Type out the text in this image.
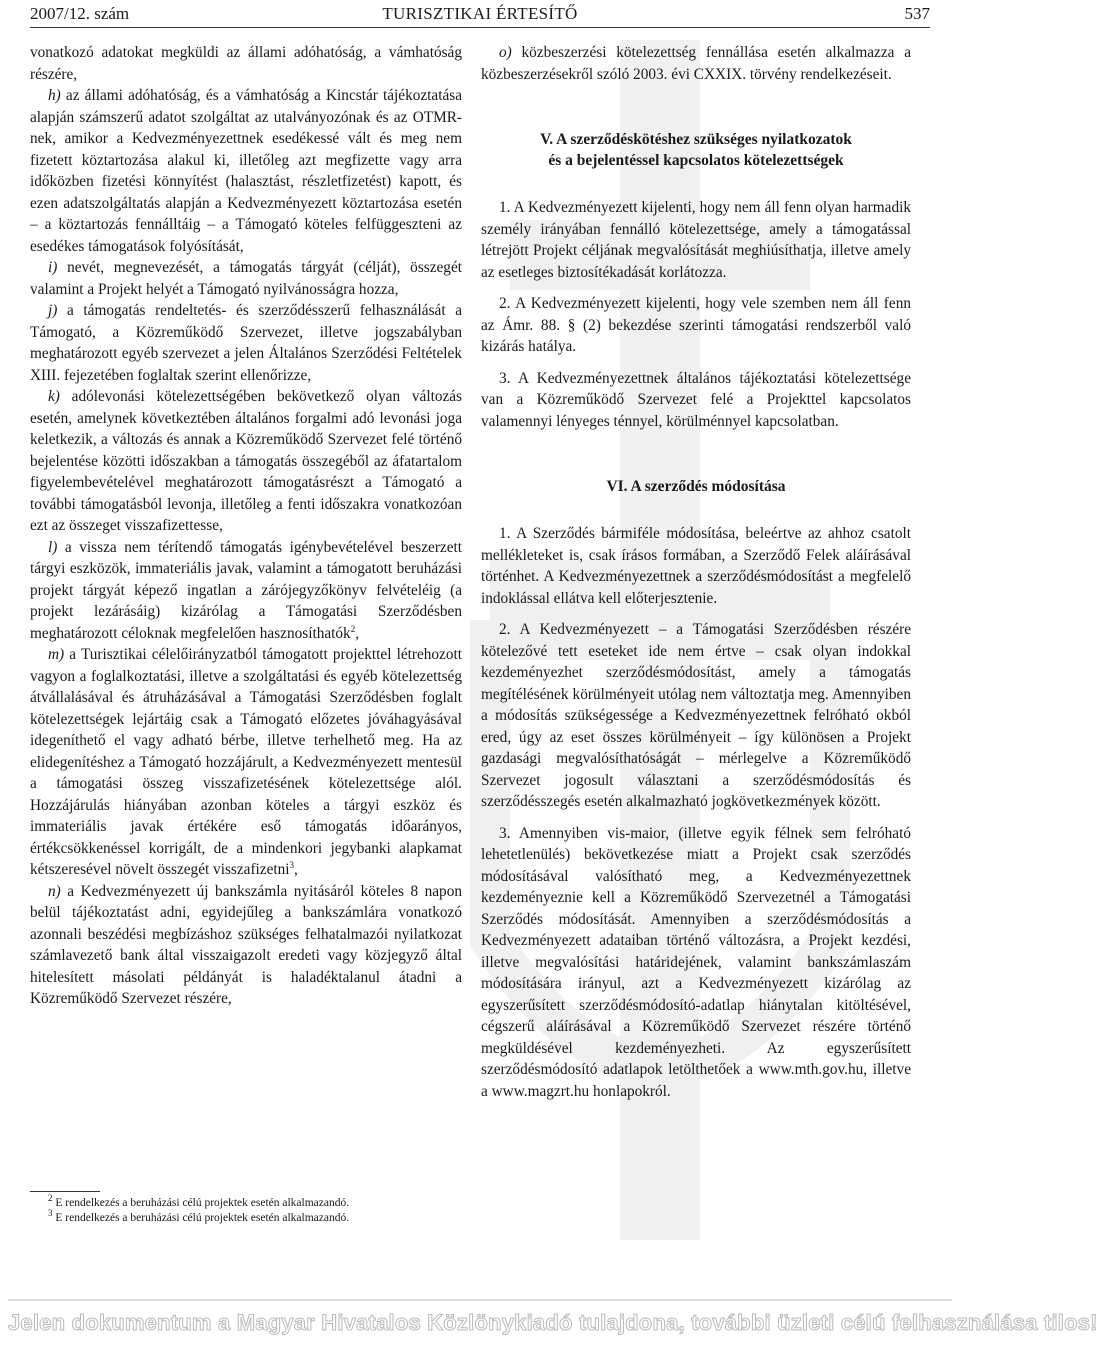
2007/12. szám	TURISZTIKAI ÉRTESÍTŐ	537

vonatkozó adatokat megküldi az állami adóhatóság, a vámhatóság részére,

h) az állami adóhatóság, és a vámhatóság a Kincstár tájékoztatása alapján számszerű adatot szolgáltat az utalványozónak és az OTMR-nek, amikor a Kedvezményezettnek esedékessé vált és meg nem fizetett köztartozása alakul ki, illetőleg azt megfizette vagy arra időközben fizetési könnyítést (halasztást, részletfizetést) kapott, és ezen adatszolgáltatás alapján a Kedvezményezett köztartozása esetén – a köztartozás fennálltáig – a Támogató köteles felfüggeszteni az esedékes támogatások folyósítását,

i) nevét, megnevezését, a támogatás tárgyát (célját), összegét valamint a Projekt helyét a Támogató nyilvánosságra hozza,

j) a támogatás rendeltetés- és szerződésszerű felhasználását a Támogató, a Közreműködő Szervezet, illetve jogszabályban meghatározott egyéb szervezet a jelen Általános Szerződési Feltételek XIII. fejezetében foglaltak szerint ellenőrizze,

k) adólevonási kötelezettségében bekövetkező olyan változás esetén, amelynek következtében általános forgalmi adó levonási joga keletkezik, a változás és annak a Közreműködő Szervezet felé történő bejelentése közötti időszakban a támogatás összegéből az áfatartalom figyelembevételével meghatározott támogatásrészt a Támogató a további támogatásból levonja, illetőleg a fenti időszakra vonatkozóan ezt az összeget visszafizettesse,

l) a vissza nem térítendő támogatás igénybevételével beszerzett tárgyi eszközök, immateriális javak, valamint a támogatott beruházási projekt tárgyát képező ingatlan a zárójegyzőkönyv felvételéig (a projekt lezárásáig) kizárólag a Támogatási Szerződésben meghatározott céloknak megfelelően hasznosíthatók$^2$,

m) a Turisztikai célelőirányzatból támogatott projekttel létrehozott vagyon a foglalkoztatási, illetve a szolgáltatási és egyéb kötelezettség átvállalásával és átruházásával a Támogatási Szerződésben foglalt kötelezettségek lejártáig csak a Támogató előzetes jóváhagyásával idegeníthető el vagy adható bérbe, illetve terhelhető meg. Ha az elidegenítéshez a Támogató hozzájárult, a Kedvezményezett mentesül a támogatási összeg visszafizetésének kötelezettsége alól. Hozzájárulás hiányában azonban köteles a tárgyi eszköz és immateriális javak értékére eső támogatás időarányos, értékcsökkenéssel korrigált, de a mindenkori jegybanki alapkamat kétszeresével növelt összegét visszafizetni$^3$,

n) a Kedvezményezett új bankszámla nyitásáról köteles 8 napon belül tájékoztatást adni, egyidejűleg a bankszámlára vonatkozó azonnali beszédési megbízáshoz szükséges felhatalmazói nyilatkozat számlavezető bank által visszaigazolt eredeti vagy közjegyző által hitelesített másolati példányát is haladéktalanul átadni a Közreműködő Szervezet részére,

$^2$ E rendelkezés a beruházási célú projektek esetén alkalmazandó.
$^3$ E rendelkezés a beruházási célú projektek esetén alkalmazandó.

o) közbeszerzési kötelezettség fennállása esetén alkalmazza a közbeszerzésekről szóló 2003. évi CXXIX. törvény rendelkezéseit.

V. A szerződéskötéshez szükséges nyilatkozatok
és a bejelentéssel kapcsolatos kötelezettségek

1. A Kedvezményezett kijelenti, hogy nem áll fenn olyan harmadik személy irányában fennálló kötelezettsége, amely a támogatással létrejött Projekt céljának megvalósítását meghiúsíthatja, illetve amely az esetleges biztosítékadását korlátozza.

2. A Kedvezményezett kijelenti, hogy vele szemben nem áll fenn az Ámr. 88. § (2) bekezdése szerinti támogatási rendszerből való kizárás hatálya.

3. A Kedvezményezettnek általános tájékoztatási kötelezettsége van a Közreműködő Szervezet felé a Projekttel kapcsolatos valamennyi lényeges ténnyel, körülménnyel kapcsolatban.

VI. A szerződés módosítása

1. A Szerződés bármiféle módosítása, beleértve az ahhoz csatolt mellékleteket is, csak írásos formában, a Szerződő Felek aláírásával történhet. A Kedvezményezettnek a szerződésmódosítást a megfelelő indoklással ellátva kell előterjesztenie.

2. A Kedvezményezett – a Támogatási Szerződésben részére kötelezővé tett eseteket ide nem értve – csak olyan indokkal kezdeményezhet szerződésmódosítást, amely a támogatás megítélésének körülményeit utólag nem változtatja meg. Amennyiben a módosítás szükségessége a Kedvezményezettnek felróható okból ered, úgy az eset összes körülményeit – így különösen a Projekt gazdasági megvalósíthatóságát – mérlegelve a Közreműködő Szervezet jogosult választani a szerződésmódosítás és szerződésszegés esetén alkalmazható jogkövetkezmények között.

3. Amennyiben vis-maior, (illetve egyik félnek sem felróható lehetetlenülés) bekövetkezése miatt a Projekt csak szerződés módosításával valósítható meg, a Kedvezményezettnek kezdeményeznie kell a Közreműködő Szervezetnél a Támogatási Szerződés módosítását. Amennyiben a szerződésmódosítás a Kedvezményezett adataiban történő változásra, a Projekt kezdési, illetve megvalósítási határidejének, valamint bankszámlaszám módosítására irányul, azt a Kedvezményezett kizárólag az egyszerűsített szerződésmódosító-adatlap hiánytalan kitöltésével, cégszerű aláírásával a Közreműködő Szervezet részére történő megküldésével kezdeményezheti. Az egyszerűsített szerződésmódosító adatlapok letölthetőek a www.mth.gov.hu, illetve a www.magzrt.hu honlapokról.

Jelen dokumentum a Magyar Hivatalos Közlönykiadó tulajdona, további üzleti célú felhasználása tilos!
